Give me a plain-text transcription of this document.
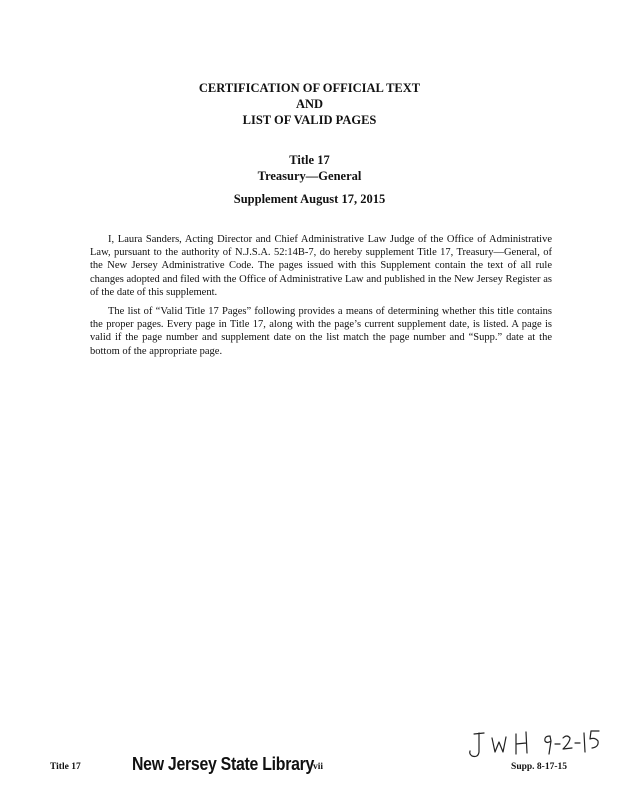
CERTIFICATION OF OFFICIAL TEXT
AND
LIST OF VALID PAGES
Title 17
Treasury—General
Supplement August 17, 2015

I, Laura Sanders, Acting Director and Chief Administrative Law Judge of the Office of Administrative Law, pursuant to the authority of N.J.S.A. 52:14B-7, do hereby supplement Title 17, Treasury—General, of the New Jersey Administrative Code. The pages issued with this Supplement contain the text of all rule changes adopted and filed with the Office of Administrative Law and published in the New Jersey Register as of the date of this supplement.

The list of “Valid Title 17 Pages” following provides a means of determining whether this title contains the proper pages. Every page in Title 17, along with the page’s current supplement date, is listed. A page is valid if the page number and supplement date on the list match the page number and “Supp.” date at the bottom of the appropriate page.

Title 17	New Jersey State Library
vii	Supp. 8-17-15
